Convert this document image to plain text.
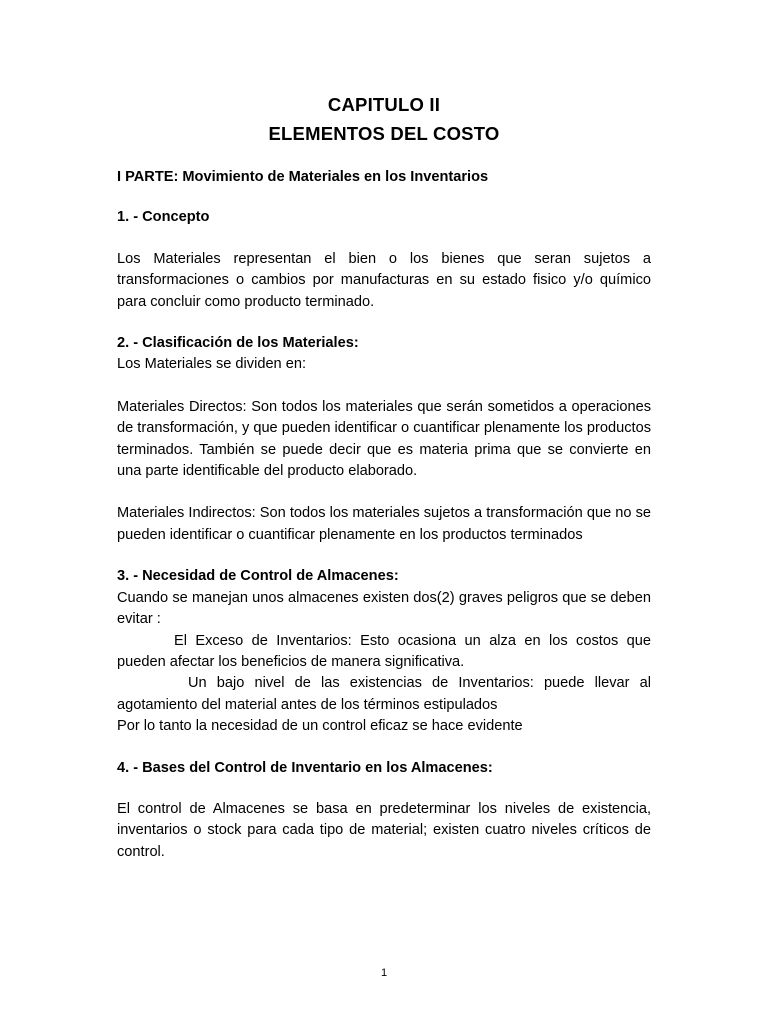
CAPITULO II
ELEMENTOS DEL COSTO

I PARTE: Movimiento de Materiales en los Inventarios

1. - Concepto

Los Materiales representan el bien o los bienes que seran sujetos a transformaciones o cambios por manufacturas en su estado fisico y/o químico para concluir como producto terminado.

2. - Clasificación de los Materiales:

Los Materiales se dividen en:

Materiales Directos: Son todos los materiales que serán sometidos a operaciones de transformación, y que pueden identificar o cuantificar plenamente los productos terminados. También se puede decir que es materia prima que se convierte en una parte identificable del producto elaborado.

Materiales Indirectos: Son todos los materiales sujetos a transformación que no se pueden identificar o cuantificar plenamente en los productos terminados

3. - Necesidad de Control de Almacenes:

Cuando se manejan unos almacenes existen dos(2) graves peligros que se deben evitar :

El Exceso de Inventarios: Esto ocasiona un alza en los costos que pueden afectar los beneficios de manera significativa.

Un bajo nivel de las existencias de Inventarios: puede llevar al agotamiento del material antes de los términos estipulados

Por lo tanto la necesidad de un control eficaz se hace evidente

4. - Bases del Control de Inventario en los Almacenes:

El control de Almacenes se basa en predeterminar los niveles de existencia, inventarios o stock para cada tipo de material; existen cuatro niveles críticos de control.

1
